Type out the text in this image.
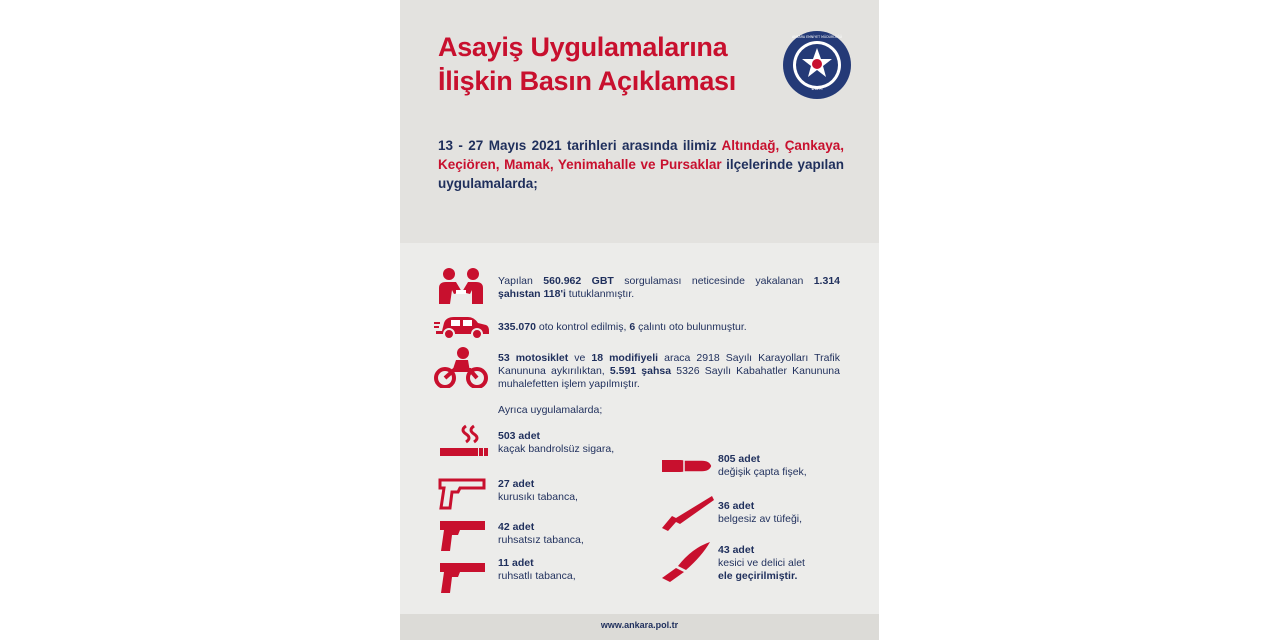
Asayiş Uygulamalarına
İlişkin Basın Açıklaması	EGM
ANKARA EMNİYET MÜDÜRLÜĞÜ
13 - 27 Mayıs 2021 tarihleri arasında ilimiz Altındağ, Çankaya, Keçiören, Mamak, Yenimahalle ve Pursaklar ilçelerinde yapılan uygulamalarda;
Yapılan 560.962 GBT sorgulaması neticesinde yakalanan 1.314 şahıstan 118'i tutuklanmıştır.
335.070 oto kontrol edilmiş, 6 çalıntı oto bulunmuştur.
53 motosiklet ve 18 modifiyeli araca 2918 Sayılı Karayolları Trafik Kanununa aykırılıktan, 5.591 şahsa 5326 Sayılı Kabahatler Kanununa muhalefetten işlem yapılmıştır.
Ayrıca uygulamalarda;
503 adet
kaçak bandrolsüz sigara,
27 adet
kurusıkı tabanca,
42 adet
ruhsatsız tabanca,
11 adet
ruhsatlı tabanca,
805 adet
değişik çapta fişek,
36 adet
belgesiz av tüfeği,
43 adet
kesici ve delici alet
ele geçirilmiştir.
www.ankara.pol.tr
